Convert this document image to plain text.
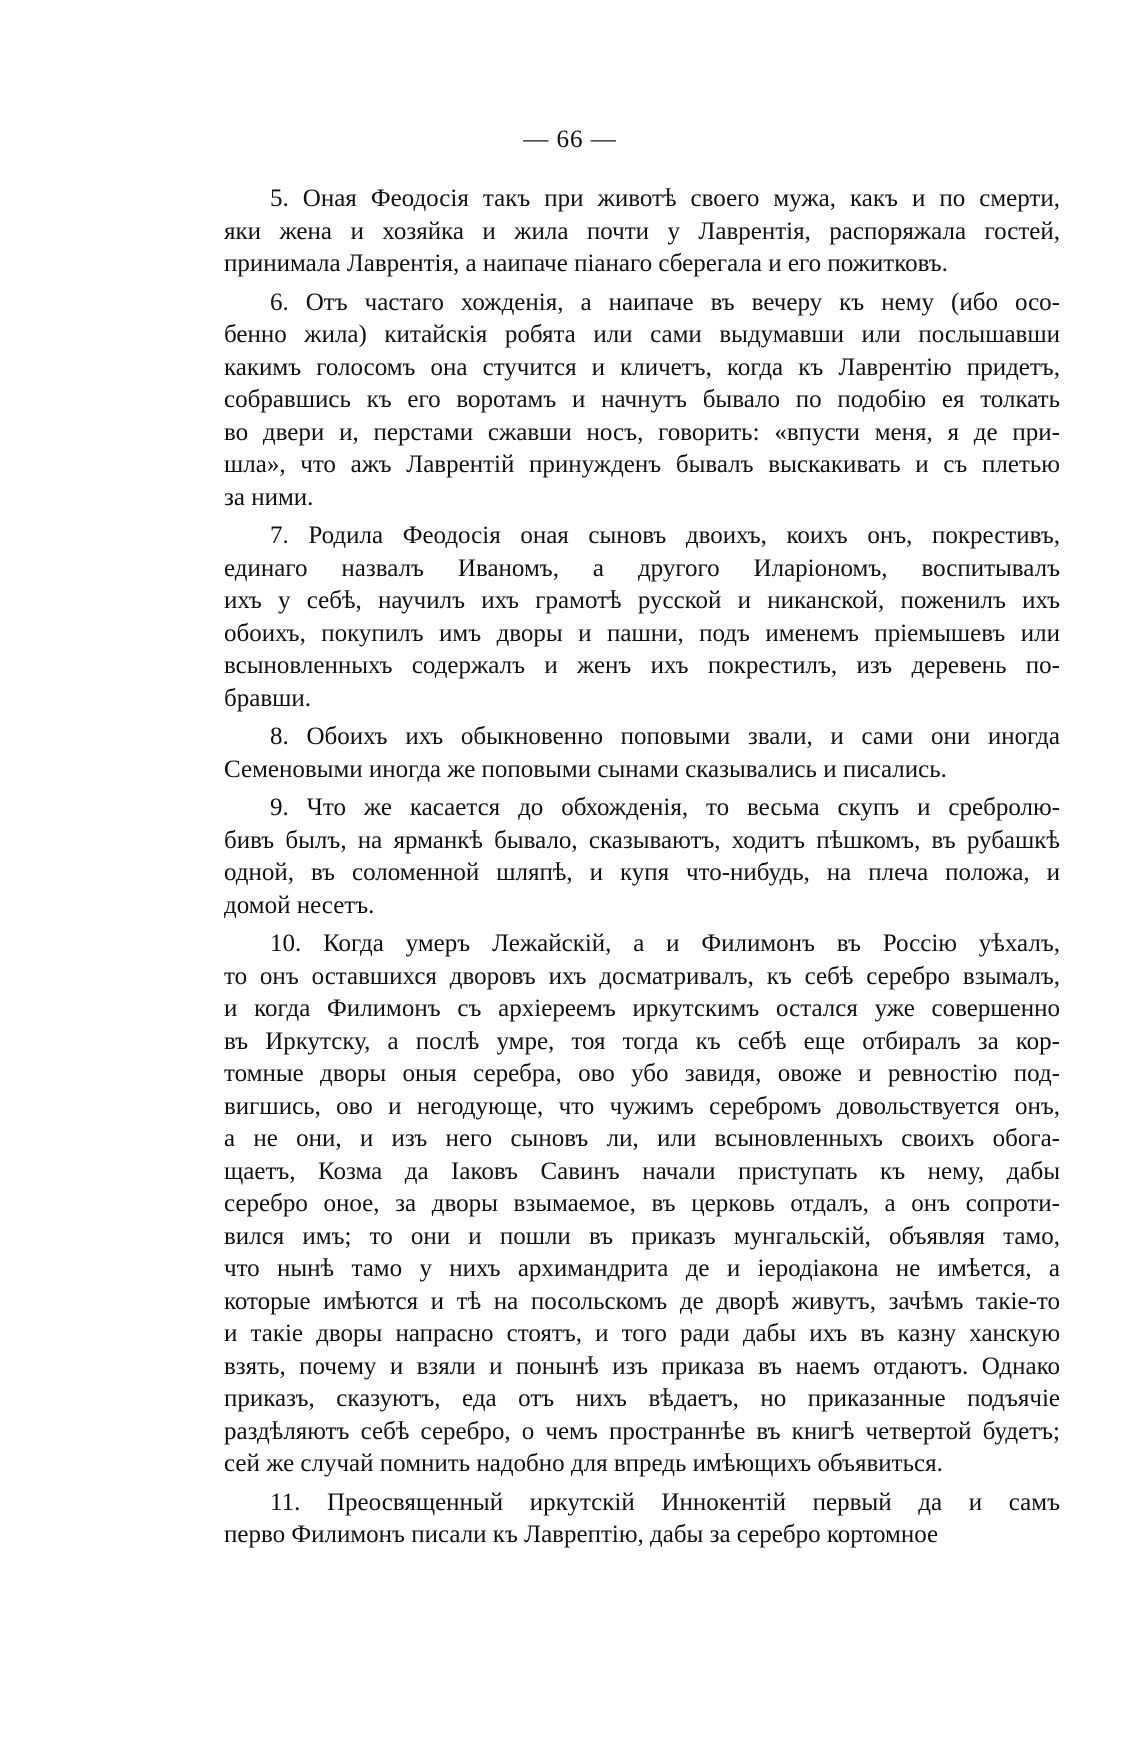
— 66 —
5. Оная Феодосія такъ при животѣ своего мужа, какъ и по смерти,
яки жена и хозяйка и жила почти у Лаврентія, распоряжала гостей,
принимала Лаврентія, а наипаче піанаго сберегала и его пожитковъ.
6. Отъ частаго хожденія, а наипаче въ вечеру къ нему (ибо осо-
бенно жила) китайскія робята или сами выдумавши или послышавши
какимъ голосомъ она стучится и кличетъ, когда къ Лаврентію придетъ,
собравшись къ его воротамъ и начнутъ бывало по подобію ея толкать
во двери и, перстами сжавши носъ, говорить: «впусти меня, я де при-
шла», что ажъ Лаврентій принужденъ бывалъ выскакивать и съ плетью
за ними.
7. Родила Феодосія оная сыновъ двоихъ, коихъ онъ, покрестивъ,
единаго назвалъ Иваномъ, а другого Иларіономъ, воспитывалъ
ихъ у себѣ, научилъ ихъ грамотѣ русской и никанской, поженилъ ихъ
обоихъ, покупилъ имъ дворы и пашни, подъ именемъ пріемышевъ или
всыновленныхъ содержалъ и женъ ихъ покрестилъ, изъ деревень по-
бравши.
8. Обоихъ ихъ обыкновенно поповыми звали, и сами они иногда
Семеновыми иногда же поповыми сынами сказывались и писались.
9. Что же касается до обхожденія, то весьма скупъ и сребролю-
бивъ былъ, на ярманкѣ бывало, сказываютъ, ходитъ пѣшкомъ, въ рубашкѣ
одной, въ соломенной шляпѣ, и купя что-нибудь, на плеча положа, и
домой несетъ.
10. Когда умеръ Лежайскій, а и Филимонъ въ Россію уѣхалъ,
то онъ оставшихся дворовъ ихъ досматривалъ, къ себѣ серебро взымалъ,
и когда Филимонъ съ архіереемъ иркутскимъ остался уже совершенно
въ Иркутску, а послѣ умре, тоя тогда къ себѣ еще отбиралъ за кор-
томные дворы оныя серебра, ово убо завидя, овоже и ревностію под-
вигшись, ово и негодующе, что чужимъ серебромъ довольствуется онъ,
а не они, и изъ него сыновъ ли, или всыновленныхъ своихъ обога-
щаетъ, Козма да Іаковъ Савинъ начали приступать къ нему, дабы
серебро оное, за дворы взымаемое, въ церковь отдалъ, а онъ сопроти-
вился имъ; то они и пошли въ приказъ мунгальскій, объявляя тамо,
что нынѣ тамо у нихъ архимандрита де и іеродіакона не имѣется, а
которые имѣются и тѣ на посольскомъ де дворѣ живутъ, зачѣмъ такіе-то
и такіе дворы напрасно стоятъ, и того ради дабы ихъ въ казну ханскую
взять, почему и взяли и понынѣ изъ приказа въ наемъ отдаютъ. Однако
приказъ, сказуютъ, еда отъ нихъ вѣдаетъ, но приказанные подъячіе
раздѣляютъ себѣ серебро, о чемъ пространнѣе въ книгѣ четвертой будетъ;
сей же случай помнить надобно для впредь имѣющихъ объявиться.
11. Преосвященный иркутскій Иннокентій первый да и самъ
перво Филимонъ писали къ Лаврептію, дабы за серебро кортомное
